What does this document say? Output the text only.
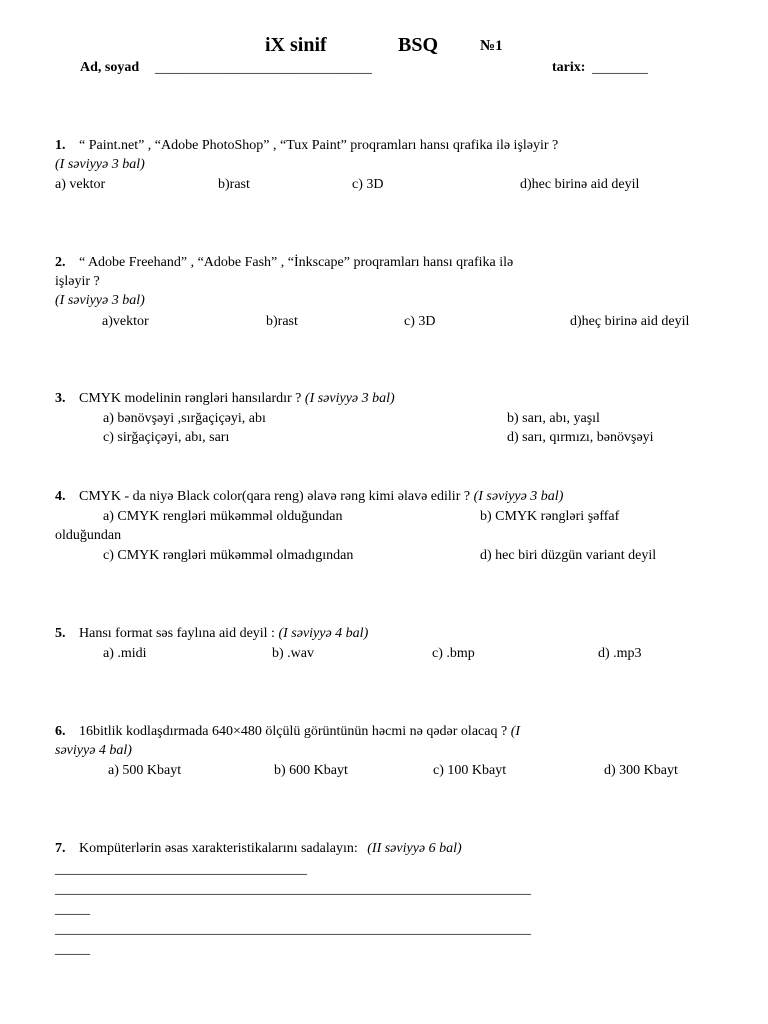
iX sinif	BSQ	№1
Ad, soyad _______________________________	tarix: ________
1. “ Paint.net” , “Adobe PhotoShop” , “Tux Paint” proqramları hansı qrafika ilə işləyir ?
(I səviyyə 3 bal)
a) vektor	b)rast	c) 3D	d)hec birinə aid deyil
2. “ Adobe Freehand” , “Adobe Fash” , “İnkscape” proqramları hansı qrafika ilə
işləyir ?
(I səviyyə 3 bal)
a)vektor	b)rast	c) 3D	d)heç birinə aid deyil
3. CMYK modelinin rəngləri hansılardır ? (I səviyyə 3 bal)
a) bənövşəyi ,sırğaçiçəyi, abı	b) sarı, abı, yaşıl
c) sirğaçiçəyi, abı, sarı	d) sarı, qırmızı, bənövşəyi
4. CMYK - da niyə Black color(qara reng) əlavə rəng kimi əlavə edilir ? (I səviyyə 3 bal)
a) CMYK rengləri mükəmməl olduğundan	b) CMYK rəngləri şəffaf
olduğundan
c) CMYK rəngləri mükəmməl olmadıgından	d) hec biri düzgün variant deyil
5. Hansı format səs faylına aid deyil : (I səviyyə 4 bal)
a) .midi	b) .wav	c) .bmp	d) .mp3
6. 16bitlik kodlaşdırmada 640×480 ölçülü görüntünün həcmi nə qədər olacaq ? (I
səviyyə 4 bal)
a) 500 Kbayt	b) 600 Kbayt	c) 100 Kbayt	d) 300 Kbayt
7. Kompüterlərin əsas xarakteristikalarını sadalayın: (II səviyyə 6 bal)
____________________________________
____________________________________________________________________
_____
____________________________________________________________________
_____
